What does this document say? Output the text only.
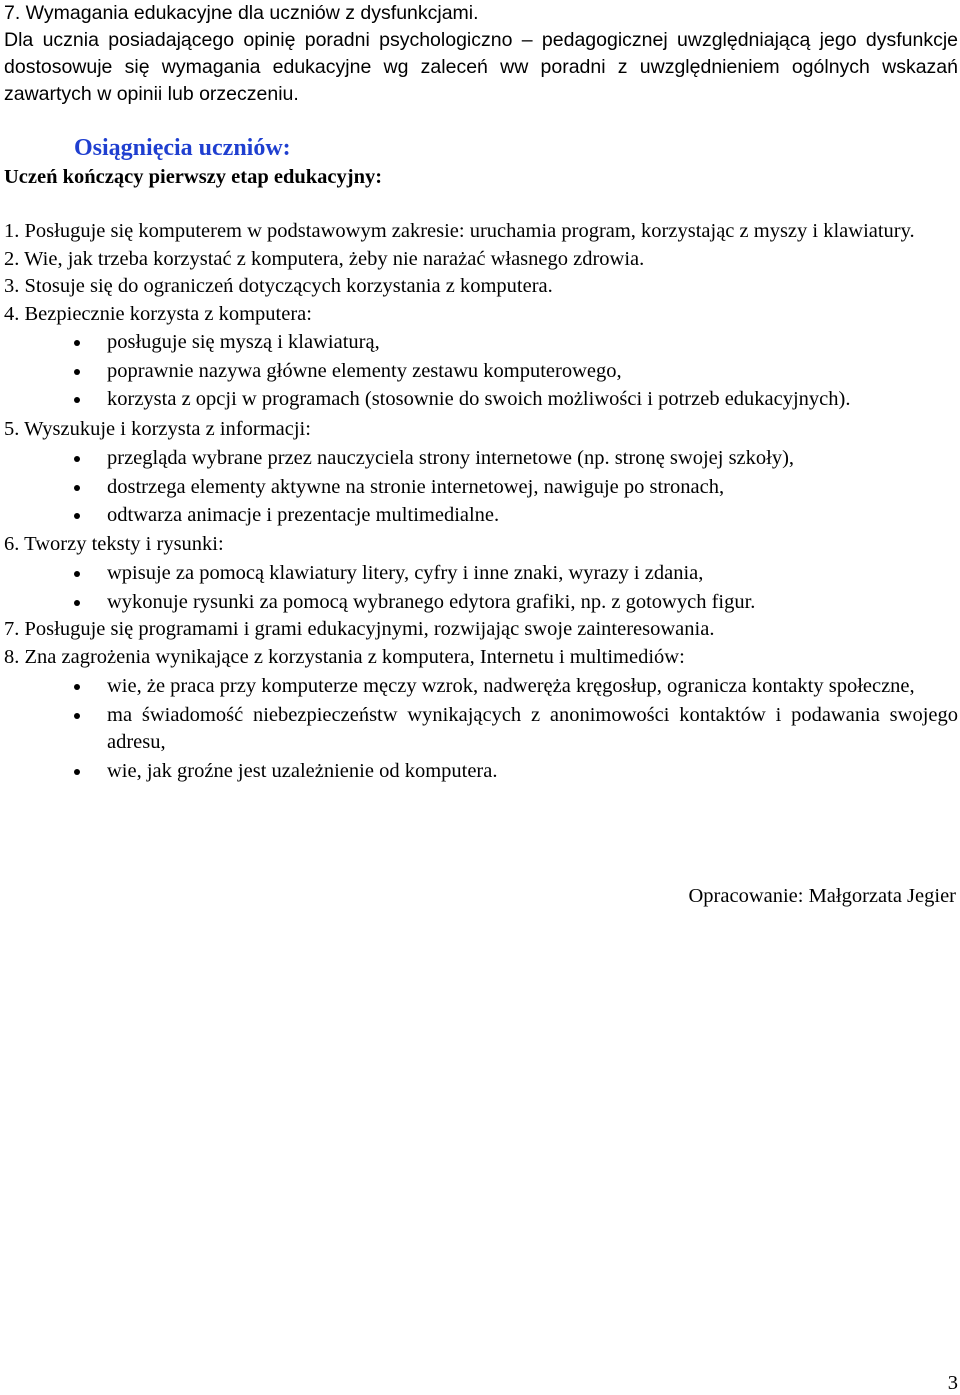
7. Wymagania edukacyjne dla uczniów z dysfunkcjami.
Dla ucznia posiadającego opinię poradni psychologiczno – pedagogicznej uwzględniającą jego dysfunkcje dostosowuje się wymagania edukacyjne wg zaleceń ww poradni z uwzględnieniem ogólnych wskazań zawartych w opinii lub orzeczeniu.
Osiągnięcia uczniów:
Uczeń kończący pierwszy etap edukacyjny:
1. Posługuje się komputerem w podstawowym zakresie: uruchamia program, korzystając z myszy i klawiatury.
2. Wie, jak trzeba korzystać z komputera, żeby nie narażać własnego zdrowia.
3. Stosuje się do ograniczeń dotyczących korzystania z komputera.
4. Bezpiecznie korzysta z komputera:
posługuje się myszą i klawiaturą,
poprawnie nazywa główne elementy zestawu komputerowego,
korzysta z opcji w programach (stosownie do swoich możliwości i potrzeb edukacyjnych).
5. Wyszukuje i korzysta z informacji:
przegląda wybrane przez nauczyciela strony internetowe (np. stronę swojej szkoły),
dostrzega elementy aktywne na stronie internetowej, nawiguje po stronach,
odtwarza animacje i prezentacje multimedialne.
6. Tworzy teksty i rysunki:
wpisuje za pomocą klawiatury litery, cyfry i inne znaki, wyrazy i zdania,
wykonuje rysunki za pomocą wybranego edytora grafiki, np. z gotowych figur.
7. Posługuje się programami i grami edukacyjnymi, rozwijając swoje zainteresowania.
8. Zna zagrożenia wynikające z korzystania z komputera, Internetu i multimediów:
wie, że praca przy komputerze męczy wzrok, nadweręża kręgosłup, ogranicza kontakty społeczne,
ma świadomość niebezpieczeństw wynikających z anonimowości kontaktów i podawania swojego adresu,
wie, jak groźne jest uzależnienie od komputera.
Opracowanie: Małgorzata Jegier
3
